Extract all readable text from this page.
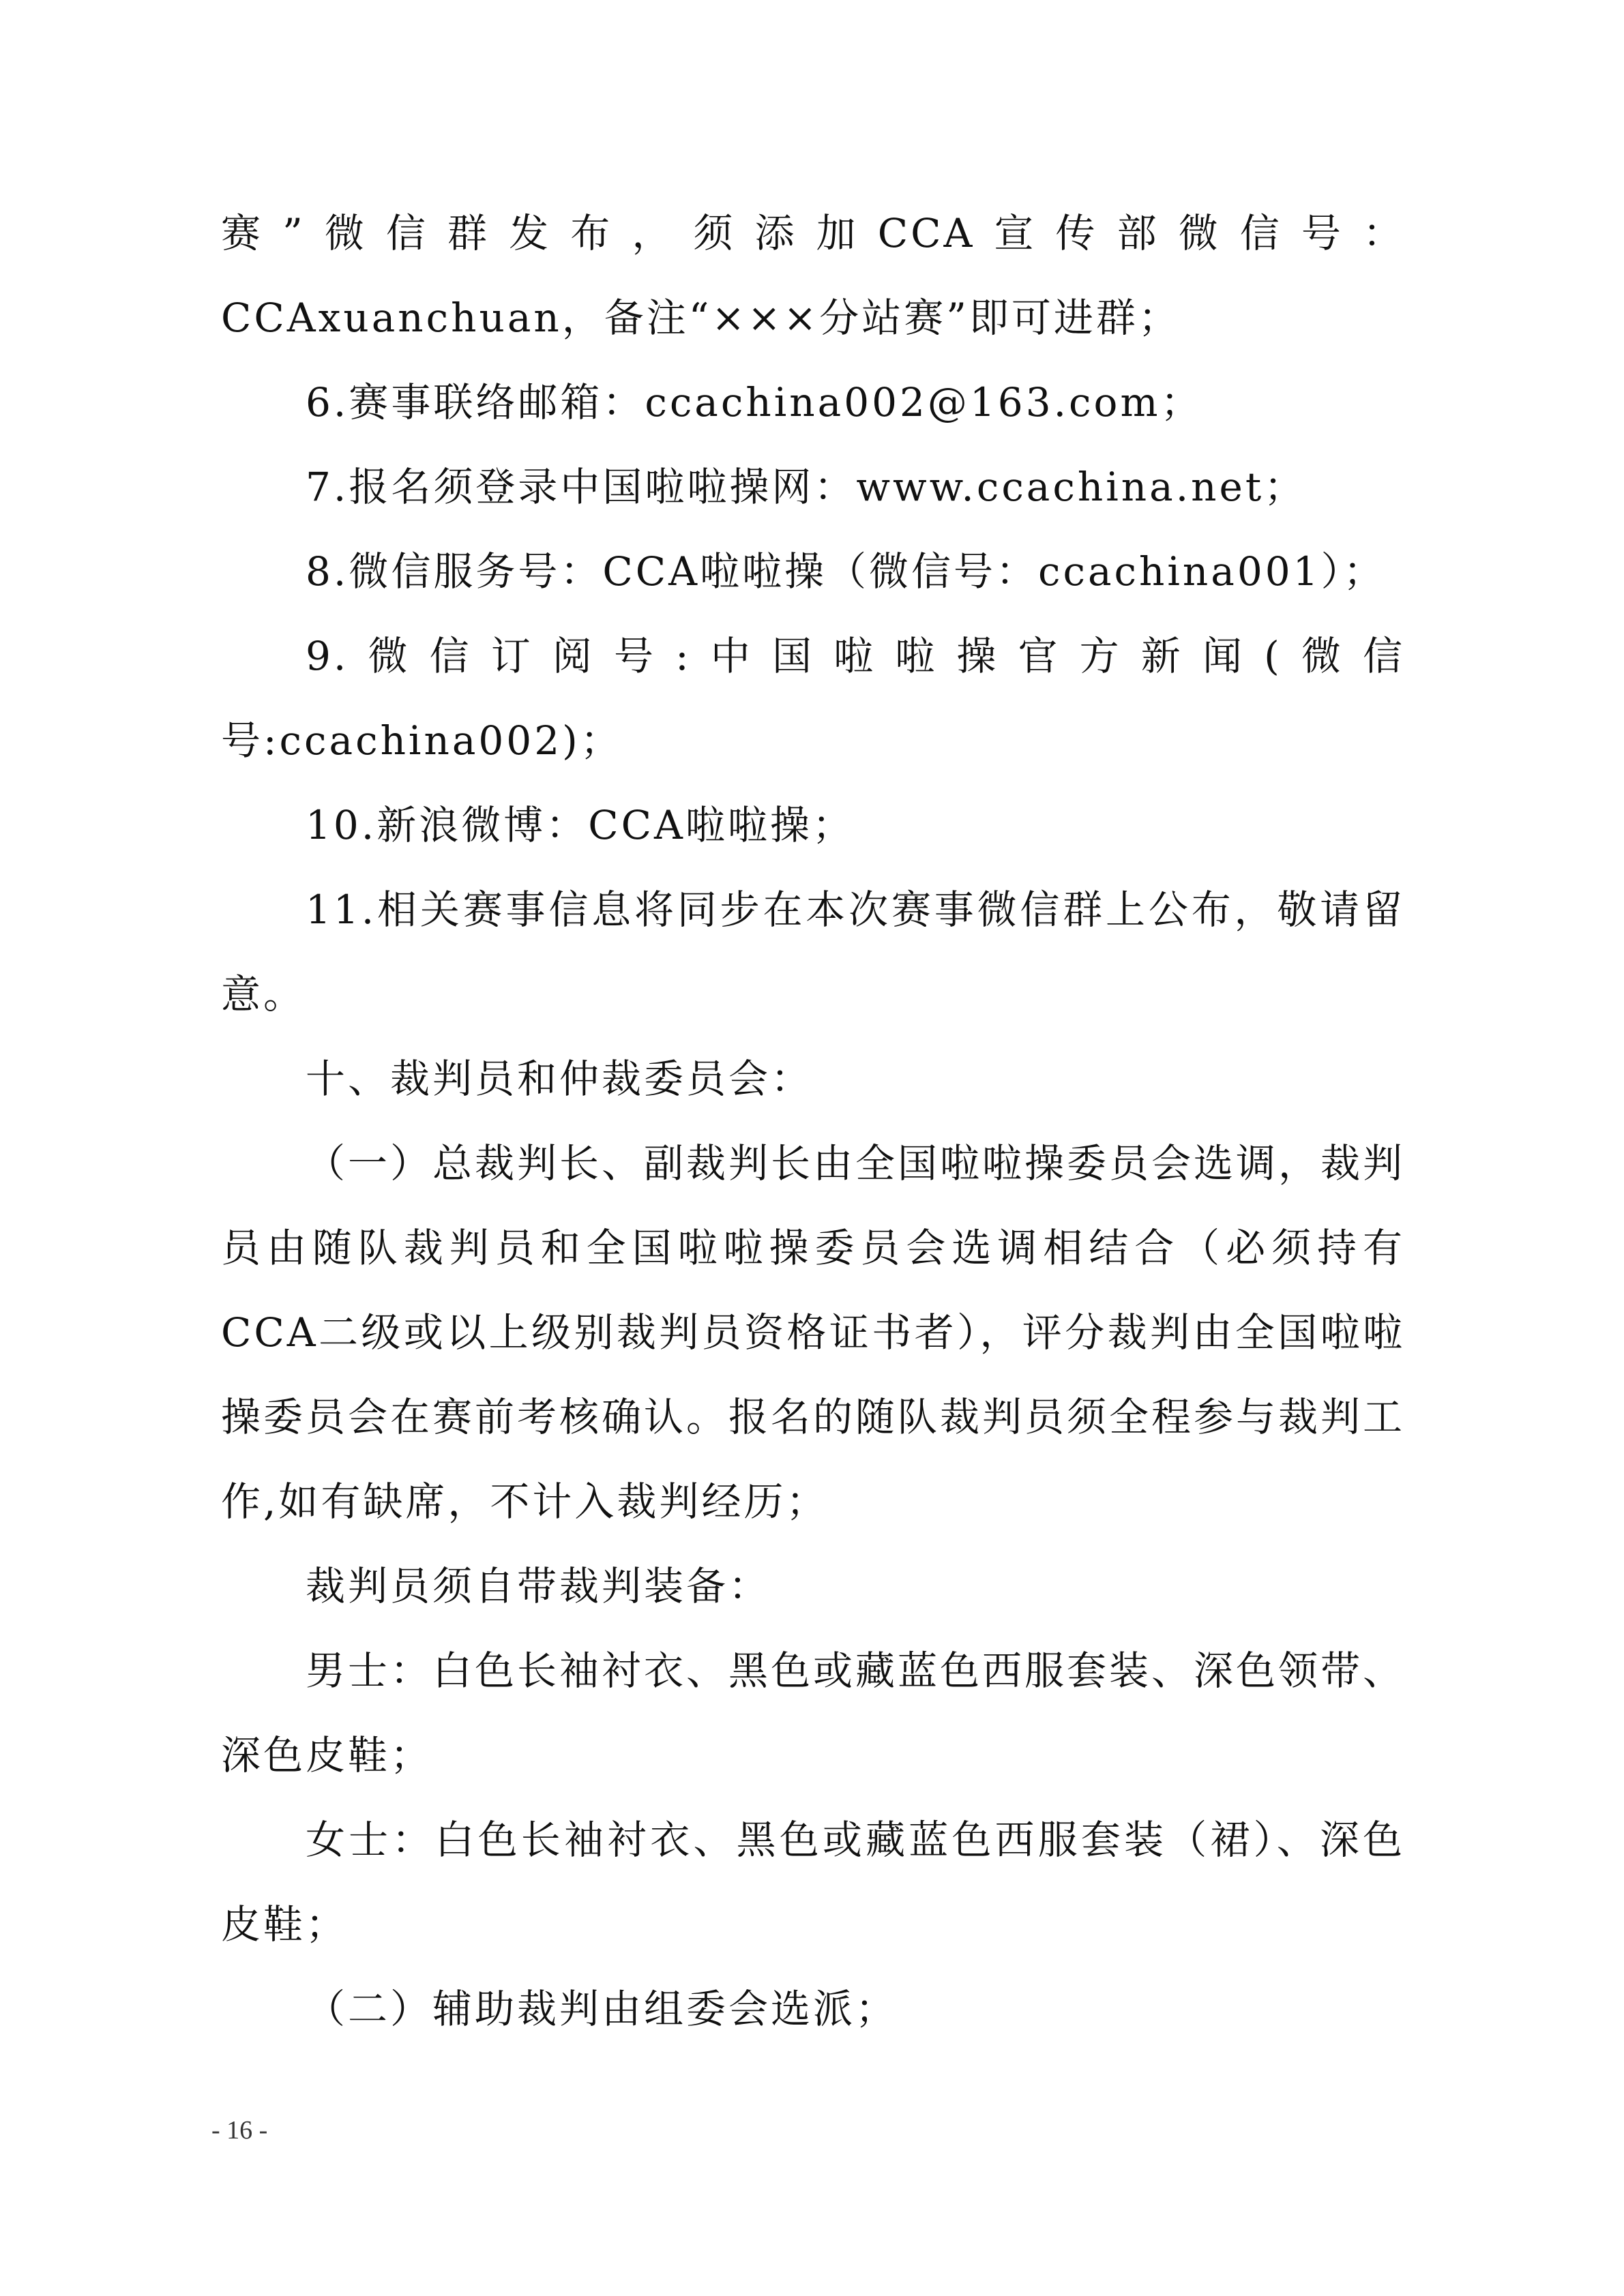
赛”微信群发布，须添加CCA宣传部微信号：CCAxuanchuan，备注“×××分站赛”即可进群；

6.赛事联络邮箱：ccachina002@163.com；

7.报名须登录中国啦啦操网：www.ccachina.net；

8.微信服务号：CCA啦啦操（微信号：ccachina001）；

9.微信订阅号:中国啦啦操官方新闻(微信号:ccachina002)；

10.新浪微博：CCA啦啦操；

11.相关赛事信息将同步在本次赛事微信群上公布，敬请留意。

十、裁判员和仲裁委员会：

（一）总裁判长、副裁判长由全国啦啦操委员会选调，裁判员由随队裁判员和全国啦啦操委员会选调相结合（必须持有CCA二级或以上级别裁判员资格证书者），评分裁判由全国啦啦操委员会在赛前考核确认。报名的随队裁判员须全程参与裁判工作,如有缺席，不计入裁判经历；

裁判员须自带裁判装备：

男士：白色长袖衬衣、黑色或藏蓝色西服套装、深色领带、深色皮鞋；

女士：白色长袖衬衣、黑色或藏蓝色西服套装（裙）、深色皮鞋；

（二）辅助裁判由组委会选派；

- 16 -
